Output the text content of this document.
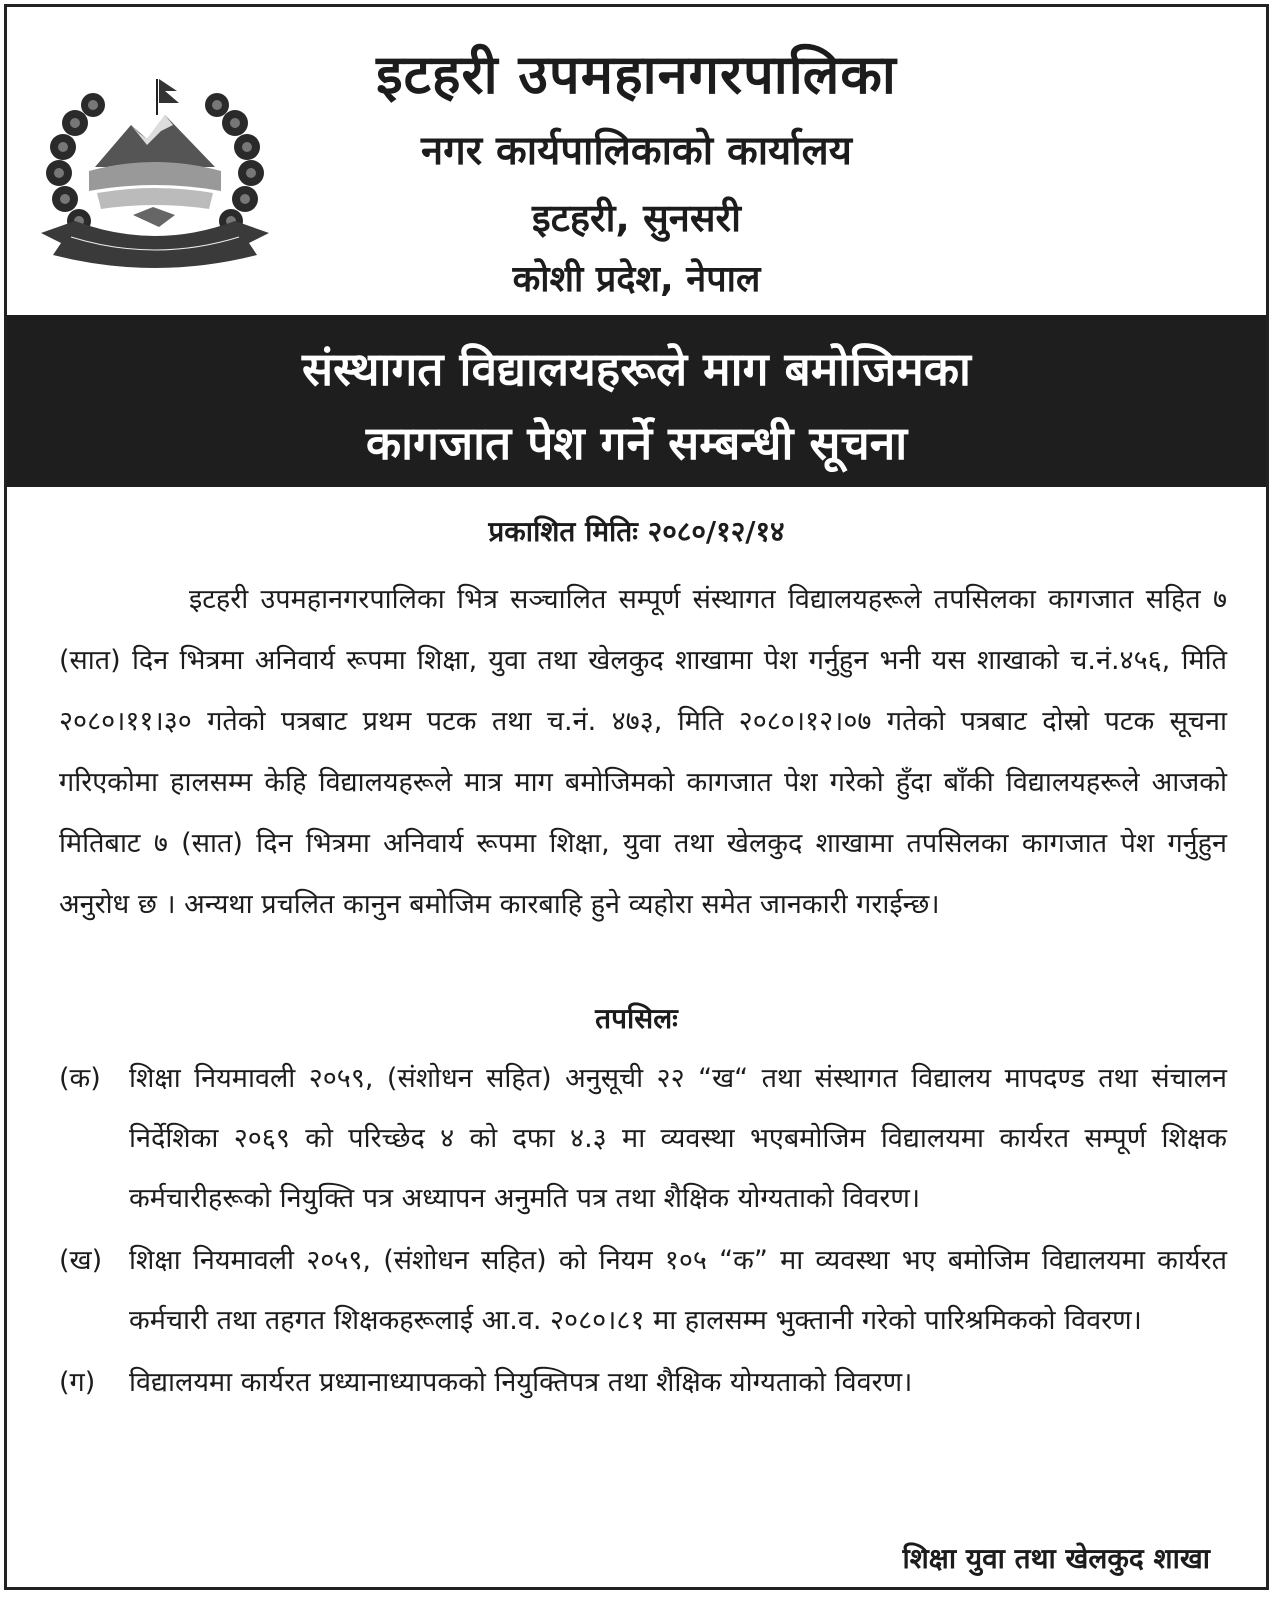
इटहरी उपमहानगरपालिका
नगर कार्यपालिकाको कार्यालय
इटहरी, सुनसरी
कोशी प्रदेश, नेपाल
संस्थागत विद्यालयहरूले माग बमोजिमका
कागजात पेश गर्ने सम्बन्धी सूचना
प्रकाशित मितिः २०८०/१२/१४

इटहरी उपमहानगरपालिका भित्र सञ्चालित सम्पूर्ण संस्थागत विद्यालयहरूले तपसिलका कागजात सहित ७ (सात) दिन भित्रमा अनिवार्य रूपमा शिक्षा, युवा तथा खेलकुद शाखामा पेश गर्नुहुन भनी यस शाखाको च.नं.४५६, मिति २०८०।११।३० गतेको पत्रबाट प्रथम पटक तथा च.नं. ४७३, मिति २०८०।१२।०७ गतेको पत्रबाट दोस्रो पटक सूचना गरिएकोमा हालसम्म केहि विद्यालयहरूले मात्र माग बमोजिमको कागजात पेश गरेको हुँदा बाँकी विद्यालयहरूले आजको मितिबाट ७ (सात) दिन भित्रमा अनिवार्य रूपमा शिक्षा, युवा तथा खेलकुद शाखामा तपसिलका कागजात पेश गर्नुहुन अनुरोध छ । अन्यथा प्रचलित कानुन बमोजिम कारबाहि हुने व्यहोरा समेत जानकारी गराईन्छ।

तपसिलः
(क)	शिक्षा नियमावली २०५९, (संशोधन सहित) अनुसूची २२ “ख“ तथा संस्थागत विद्यालय मापदण्ड तथा संचालन निर्देशिका २०६९ को परिच्छेद ४ को दफा ४.३ मा व्यवस्था भएबमोजिम विद्यालयमा कार्यरत सम्पूर्ण शिक्षक कर्मचारीहरूको नियुक्ति पत्र अध्यापन अनुमति पत्र तथा शैक्षिक योग्यताको विवरण।
(ख) शिक्षा नियमावली २०५९, (संशोधन सहित) को नियम १०५ “क” मा व्यवस्था भए बमोजिम विद्यालयमा कार्यरत कर्मचारी तथा तहगत शिक्षकहरूलाई आ.व. २०८०।८१ मा हालसम्म भुक्तानी गरेको पारिश्रमिकको विवरण।
(ग)	विद्यालयमा कार्यरत प्रध्यानाध्यापकको नियुक्तिपत्र तथा शैक्षिक योग्यताको विवरण।
शिक्षा युवा तथा खेलकुद शाखा
